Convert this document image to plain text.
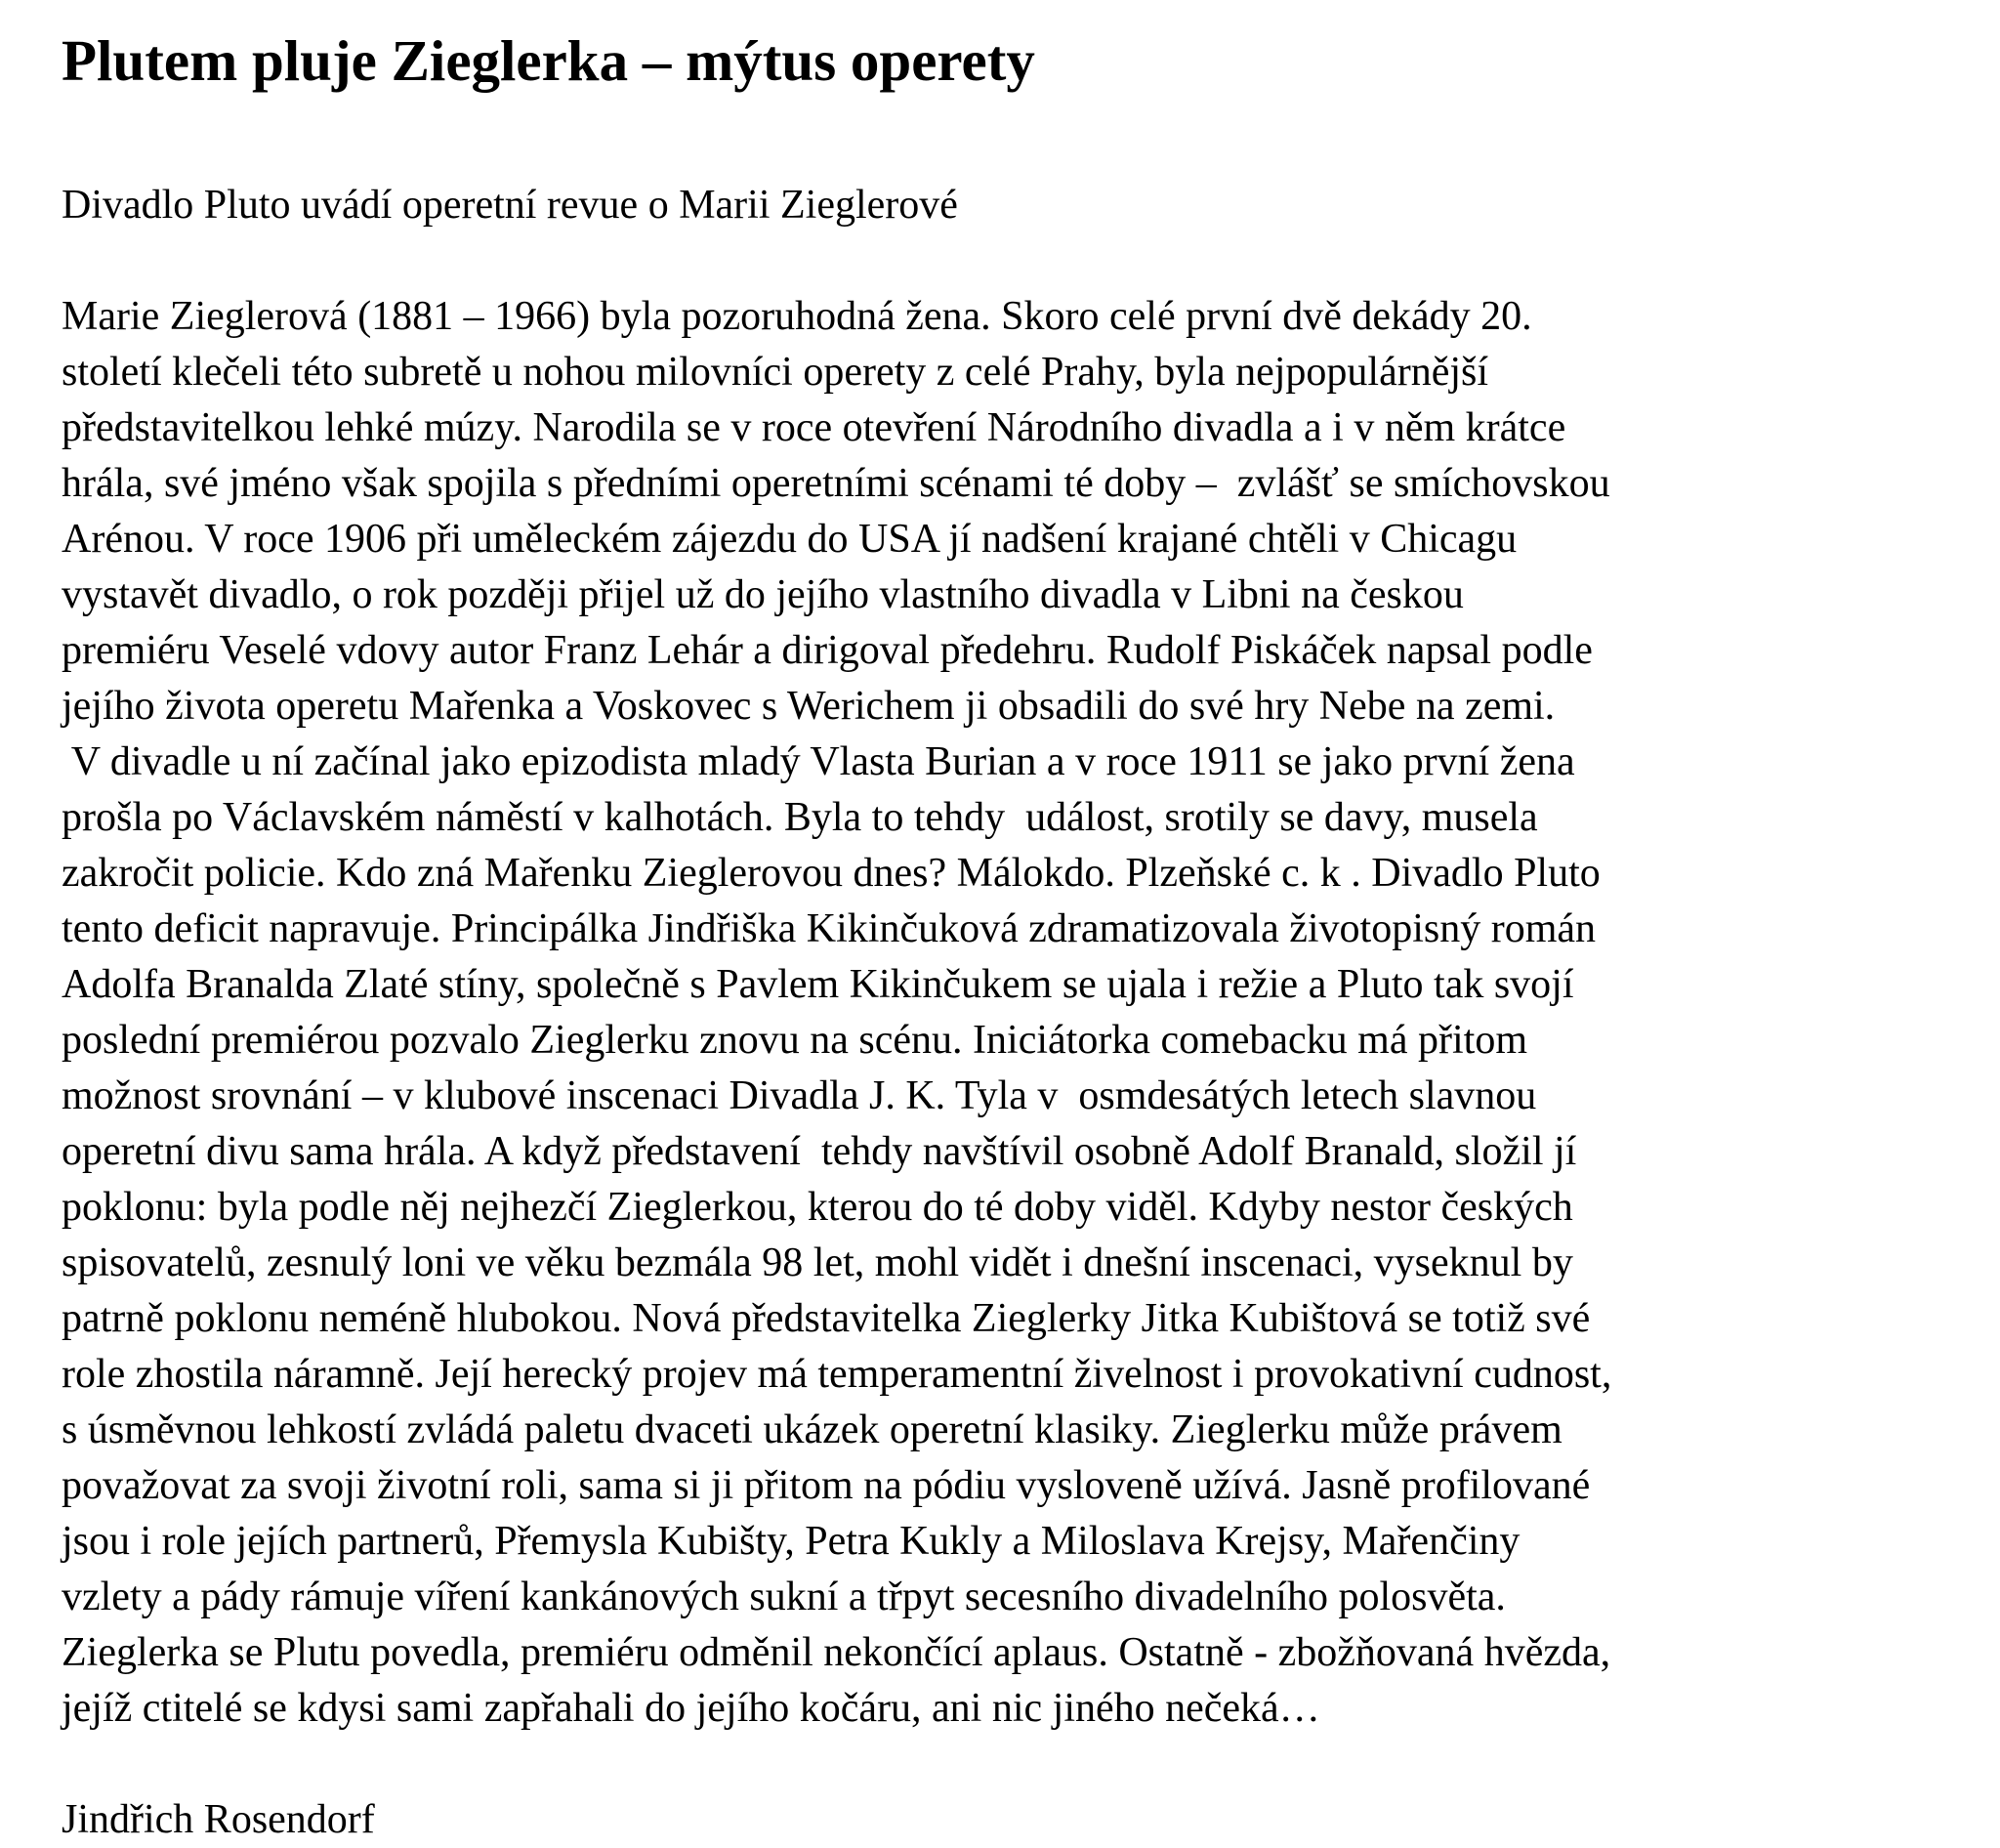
Plutem pluje Zieglerka – mýtus operety

Divadlo Pluto uvádí operetní revue o Marii Zieglerové

Marie Zieglerová (1881 – 1966) byla pozoruhodná žena. Skoro celé první dvě dekády 20.
století klečeli této subretě u nohou milovníci operety z celé Prahy, byla nejpopulárnější
představitelkou lehké múzy. Narodila se v roce otevření Národního divadla a i v něm krátce
hrála, své jméno však spojila s předními operetními scénami té doby –  zvlášť se smíchovskou
Arénou. V roce 1906 při uměleckém zájezdu do USA jí nadšení krajané chtěli v Chicagu
vystavět divadlo, o rok později přijel už do jejího vlastního divadla v Libni na českou
premiéru Veselé vdovy autor Franz Lehár a dirigoval předehru. Rudolf Piskáček napsal podle
jejího života operetu Mařenka a Voskovec s Werichem ji obsadili do své hry Nebe na zemi.
V divadle u ní začínal jako epizodista mladý Vlasta Burian a v roce 1911 se jako první žena
prošla po Václavském náměstí v kalhotách. Byla to tehdy  událost, srotily se davy, musela
zakročit policie. Kdo zná Mařenku Zieglerovou dnes? Málokdo. Plzeňské c. k . Divadlo Pluto
tento deficit napravuje. Principálka Jindřiška Kikinčuková zdramatizovala životopisný román
Adolfa Branalda Zlaté stíny, společně s Pavlem Kikinčukem se ujala i režie a Pluto tak svojí
poslední premiérou pozvalo Zieglerku znovu na scénu. Iniciátorka comebacku má přitom
možnost srovnání – v klubové inscenaci Divadla J. K. Tyla v  osmdesátých letech slavnou
operetní divu sama hrála. A když představení  tehdy navštívil osobně Adolf Branald, složil jí
poklonu: byla podle něj nejhezčí Zieglerkou, kterou do té doby viděl. Kdyby nestor českých
spisovatelů, zesnulý loni ve věku bezmála 98 let, mohl vidět i dnešní inscenaci, vyseknul by
patrně poklonu neméně hlubokou. Nová představitelka Zieglerky Jitka Kubištová se totiž své
role zhostila náramně. Její herecký projev má temperamentní živelnost i provokativní cudnost,
s úsměvnou lehkostí zvládá paletu dvaceti ukázek operetní klasiky. Zieglerku může právem
považovat za svoji životní roli, sama si ji přitom na pódiu vysloveně užívá. Jasně profilované
jsou i role jejích partnerů, Přemysla Kubišty, Petra Kukly a Miloslava Krejsy, Mařenčiny
vzlety a pády rámuje víření kankánových sukní a třpyt secesního divadelního polosvěta.
Zieglerka se Plutu povedla, premiéru odměnil nekončící aplaus. Ostatně - zbožňovaná hvězda,
jejíž ctitelé se kdysi sami zapřahali do jejího kočáru, ani nic jiného nečeká…

Jindřich Rosendorf
